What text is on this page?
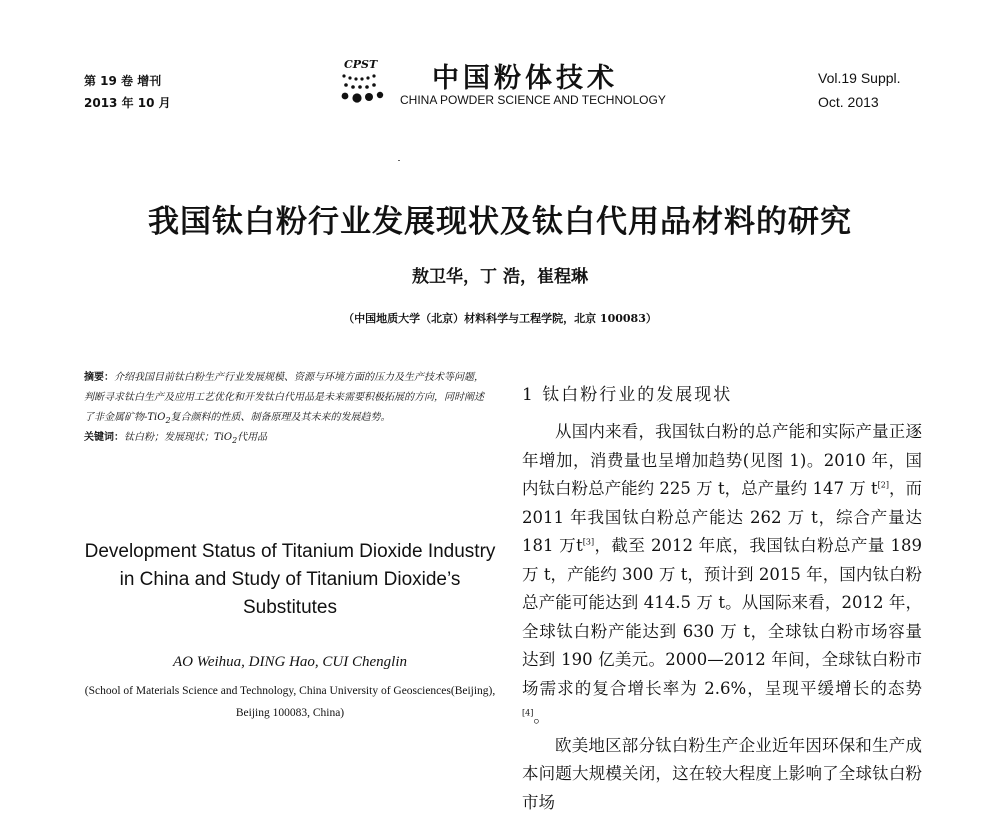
第 19 卷 增刊
2013 年 10 月
CPST 中国粉体技术
CHINA POWDER SCIENCE AND TECHNOLOGY
Vol.19 Suppl.
Oct. 2013
我国钛白粉行业发展现状及钛白代用品材料的研究
敖卫华，丁 浩，崔程琳
（中国地质大学（北京）材料科学与工程学院，北京 100083）
摘要：介绍我国目前钛白粉生产行业发展规模、资源与环境方面的压力及生产技术等问题，判断寻求钛白生产及应用工艺优化和开发钛白代用品是未来需要积极拓展的方向，同时阐述了非金属矿物-TiO$_2$复合颜料的性质、制备原理及其未来的发展趋势。
关键词：钛白粉；发展现状；TiO$_2$代用品
Development Status of Titanium Dioxide Industry in China and Study of Titanium Dioxide’s Substitutes
AO Weihua, DING Hao, CUI Chenglin
(School of Materials Science and Technology, China University of Geosciences(Beijing), Beijing 100083, China)
1 钛白粉行业的发展现状

从国内来看，我国钛白粉的总产能和实际产量正逐年增加，消费量也呈增加趋势(见图 1)。2010 年，国内钛白粉总产能约 225 万 t，总产量约 147 万 t[2]，而 2011 年我国钛白粉总产能达 262 万 t，综合产量达 181 万t[3]，截至 2012 年底，我国钛白粉总产量 189 万 t，产能约 300 万 t，预计到 2015 年，国内钛白粉总产能可能达到 414.5 万 t。从国际来看，2012 年，全球钛白粉产能达到 630 万 t，全球钛白粉市场容量达到 190 亿美元。2000—2012 年间，全球钛白粉市场需求的复合增长率为 2.6%，呈现平缓增长的态势[4]。

欧美地区部分钛白粉生产企业近年因环保和生产成本问题大规模关闭，这在较大程度上影响了全球钛白粉市场
